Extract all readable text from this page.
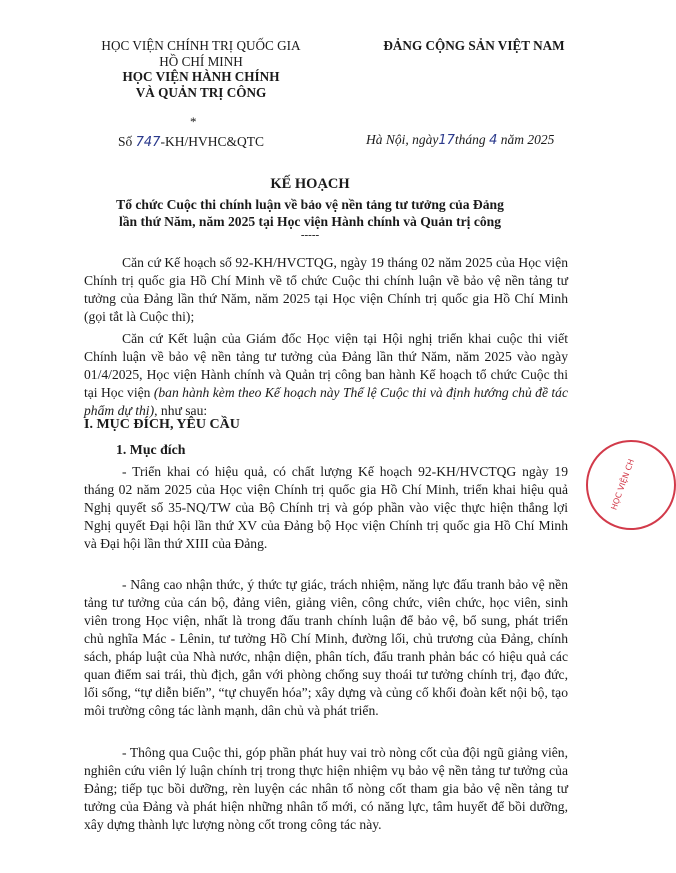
HỌC VIỆN CHÍNH TRỊ QUỐC GIA
HỒ CHÍ MINH
HỌC VIỆN HÀNH CHÍNH
VÀ QUẢN TRỊ CÔNG
*
ĐẢNG CỘNG SẢN VIỆT NAM
Số 747-KH/HVHC&QTC	Hà Nội, ngày17tháng 4 năm 2025
KẾ HOẠCH
Tổ chức Cuộc thi chính luận về bảo vệ nền tảng tư tưởng của Đảng
lần thứ Năm, năm 2025 tại Học viện Hành chính và Quản trị công
-----

Căn cứ Kế hoạch số 92-KH/HVCTQG, ngày 19 tháng 02 năm 2025 của Học viện Chính trị quốc gia Hồ Chí Minh về tổ chức Cuộc thi chính luận về bảo vệ nền tảng tư tưởng của Đảng lần thứ Năm, năm 2025 tại Học viện Chính trị quốc gia Hồ Chí Minh (gọi tắt là Cuộc thi);

Căn cứ Kết luận của Giám đốc Học viện tại Hội nghị triển khai cuộc thi viết Chính luận về bảo vệ nền tảng tư tưởng của Đảng lần thứ Năm, năm 2025 vào ngày 01/4/2025, Học viện Hành chính và Quản trị công ban hành Kế hoạch tổ chức Cuộc thi tại Học viện (ban hành kèm theo Kế hoạch này Thể lệ Cuộc thi và định hướng chủ đề tác phẩm dự thi), như sau:

I. MỤC ĐÍCH, YÊU CẦU
1. Mục đích

- Triển khai có hiệu quả, có chất lượng Kế hoạch 92-KH/HVCTQG ngày 19 tháng 02 năm 2025 của Học viện Chính trị quốc gia Hồ Chí Minh, triển khai hiệu quả Nghị quyết số 35-NQ/TW của Bộ Chính trị và góp phần vào việc thực hiện thắng lợi Nghị quyết Đại hội lần thứ XV của Đảng bộ Học viện Chính trị quốc gia Hồ Chí Minh và Đại hội lần thứ XIII của Đảng.

- Nâng cao nhận thức, ý thức tự giác, trách nhiệm, năng lực đấu tranh bảo vệ nền tảng tư tưởng của cán bộ, đảng viên, giảng viên, công chức, viên chức, học viên, sinh viên trong Học viện, nhất là trong đấu tranh chính luận để bảo vệ, bổ sung, phát triển chủ nghĩa Mác - Lênin, tư tưởng Hồ Chí Minh, đường lối, chủ trương của Đảng, chính sách, pháp luật của Nhà nước, nhận diện, phân tích, đấu tranh phản bác có hiệu quả các quan điểm sai trái, thù địch, gắn với phòng chống suy thoái tư tưởng chính trị, đạo đức, lối sống, “tự diễn biến”, “tự chuyển hóa”; xây dựng và củng cố khối đoàn kết nội bộ, tạo môi trường công tác lành mạnh, dân chủ và phát triển.

- Thông qua Cuộc thi, góp phần phát huy vai trò nòng cốt của đội ngũ giảng viên, nghiên cứu viên lý luận chính trị trong thực hiện nhiệm vụ bảo vệ nền tảng tư tưởng của Đảng; tiếp tục bồi dưỡng, rèn luyện các nhân tố nòng cốt tham gia bảo vệ nền tảng tư tưởng của Đảng và phát hiện những nhân tố mới, có năng lực, tâm huyết để bồi dưỡng, xây dựng thành lực lượng nòng cốt trong công tác này.

HỌC VIỆN CH
